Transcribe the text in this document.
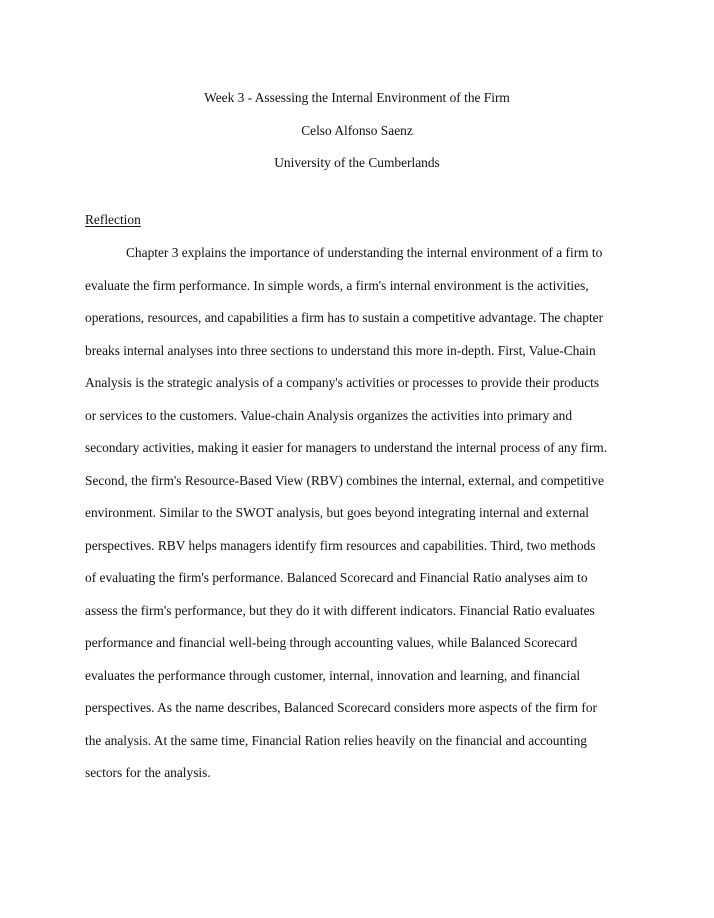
Week 3 - Assessing the Internal Environment of the Firm
Celso Alfonso Saenz
University of the Cumberlands
Reflection
Chapter 3 explains the importance of understanding the internal environment of a firm to
evaluate the firm performance. In simple words, a firm's internal environment is the activities,
operations, resources, and capabilities a firm has to sustain a competitive advantage. The chapter
breaks internal analyses into three sections to understand this more in-depth. First, Value-Chain
Analysis is the strategic analysis of a company's activities or processes to provide their products
or services to the customers. Value-chain Analysis organizes the activities into primary and
secondary activities, making it easier for managers to understand the internal process of any firm.
Second, the firm's Resource-Based View (RBV) combines the internal, external, and competitive
environment. Similar to the SWOT analysis, but goes beyond integrating internal and external
perspectives. RBV helps managers identify firm resources and capabilities. Third, two methods
of evaluating the firm's performance. Balanced Scorecard and Financial Ratio analyses aim to
assess the firm's performance, but they do it with different indicators. Financial Ratio evaluates
performance and financial well-being through accounting values, while Balanced Scorecard
evaluates the performance through customer, internal, innovation and learning, and financial
perspectives. As the name describes, Balanced Scorecard considers more aspects of the firm for
the analysis. At the same time, Financial Ration relies heavily on the financial and accounting
sectors for the analysis.
